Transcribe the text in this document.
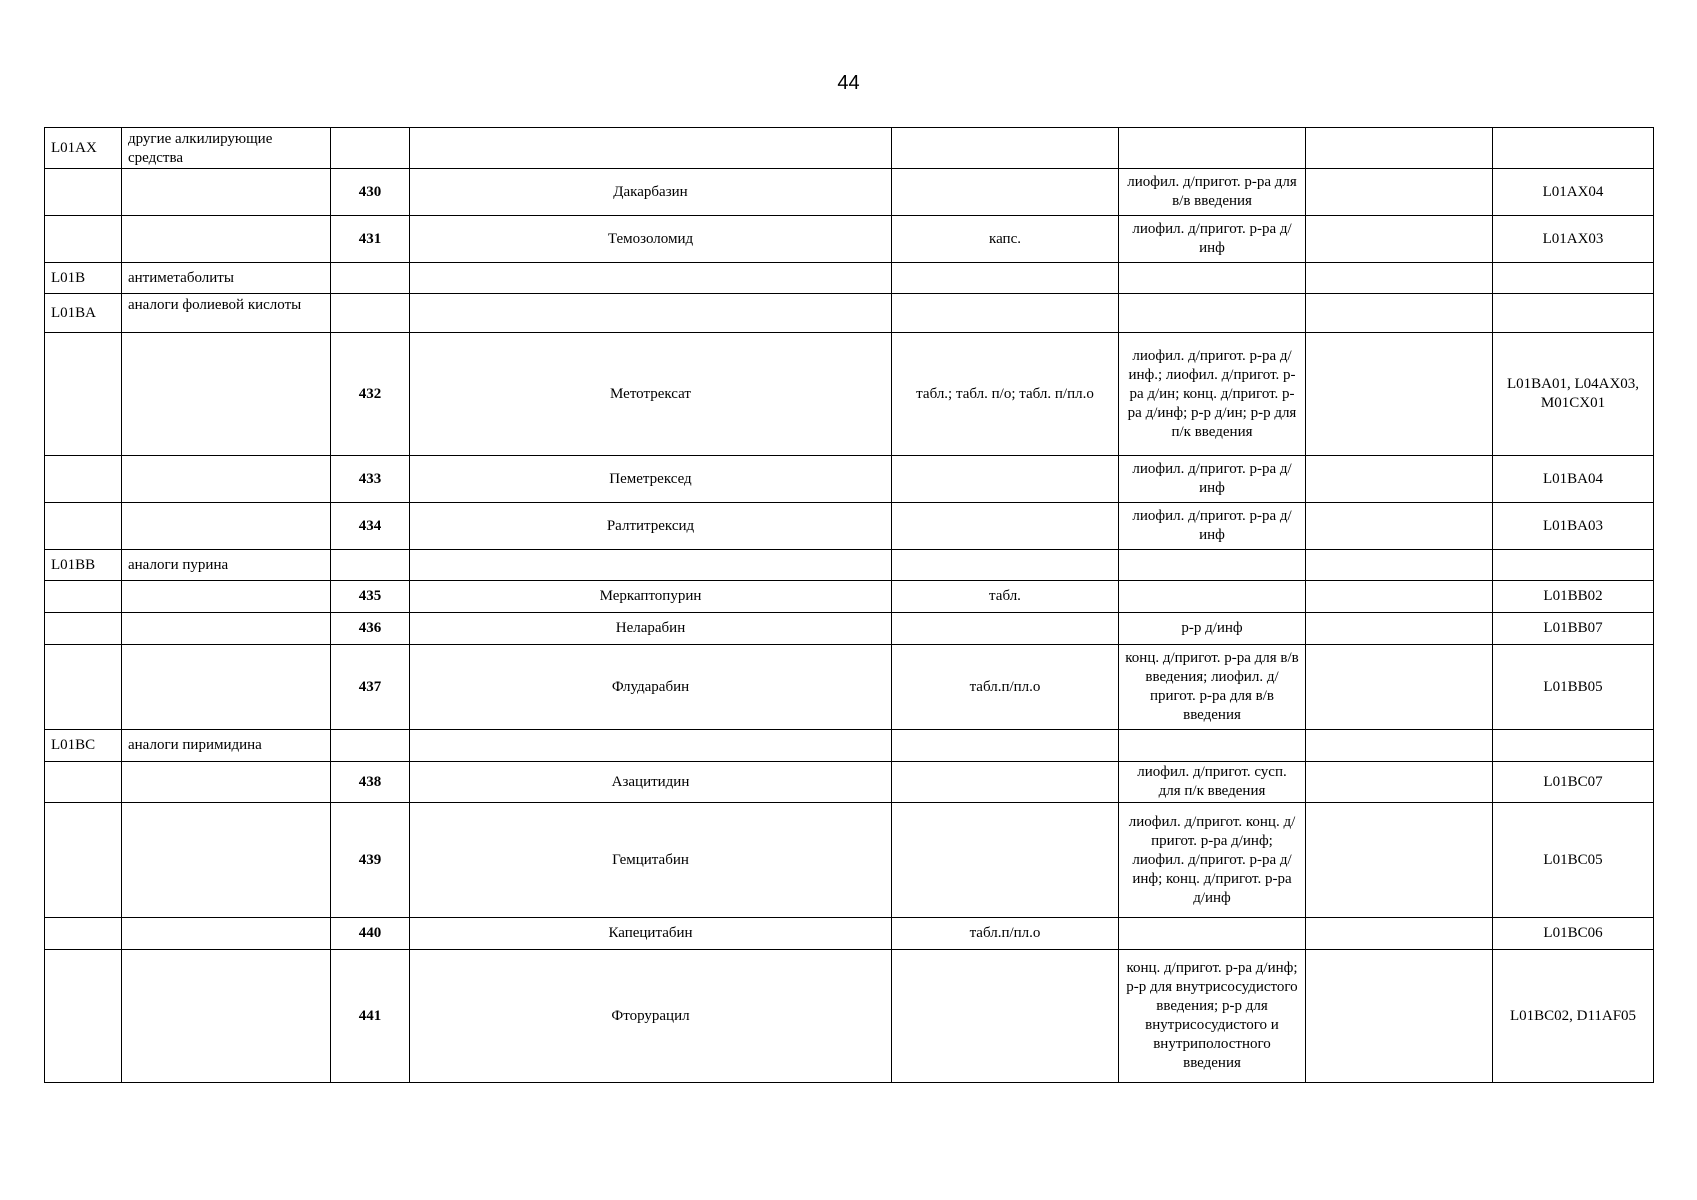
44
L01AX	другие алкилирующие средства						
		430	Дакарбазин		лиофил. д/пригот. р-ра для в/в введения		L01AX04
		431	Темозоломид	капс.	лиофил. д/пригот. р-ра д/инф		L01AX03
L01B	антиметаболиты						
L01BA	аналоги фолиевой кислоты						
		432	Метотрексат	табл.; табл. п/о; табл. п/пл.о	лиофил. д/пригот. р-ра д/инф.; лиофил. д/пригот. р-ра д/ин; конц. д/пригот. р-ра д/инф; р-р д/ин; р-р для п/к введения		L01BA01, L04AX03, M01CX01
		433	Пеметрексед		лиофил. д/пригот. р-ра д/инф		L01BA04
		434	Ралтитрексид		лиофил. д/пригот. р-ра д/инф		L01BA03
L01BB	аналоги пурина						
		435	Меркаптопурин	табл.			L01BB02
		436	Неларабин		р-р д/инф		L01BB07
		437	Флударабин	табл.п/пл.о	конц. д/пригот. р-ра для в/в введения; лиофил. д/пригот. р-ра для в/в введения		L01BB05
L01BC	аналоги пиримидина						
		438	Азацитидин		лиофил. д/пригот. сусп. для п/к введения		L01BC07
		439	Гемцитабин		лиофил. д/пригот. конц. д/пригот. р-ра д/инф; лиофил. д/пригот. р-ра д/инф; конц. д/пригот. р-ра д/инф		L01BC05
		440	Капецитабин	табл.п/пл.о			L01BC06
		441	Фторурацил		конц. д/пригот. р-ра д/инф; р-р для внутрисосудистого введения; р-р для внутрисосудистого и внутриполостного введения		L01BC02, D11AF05
